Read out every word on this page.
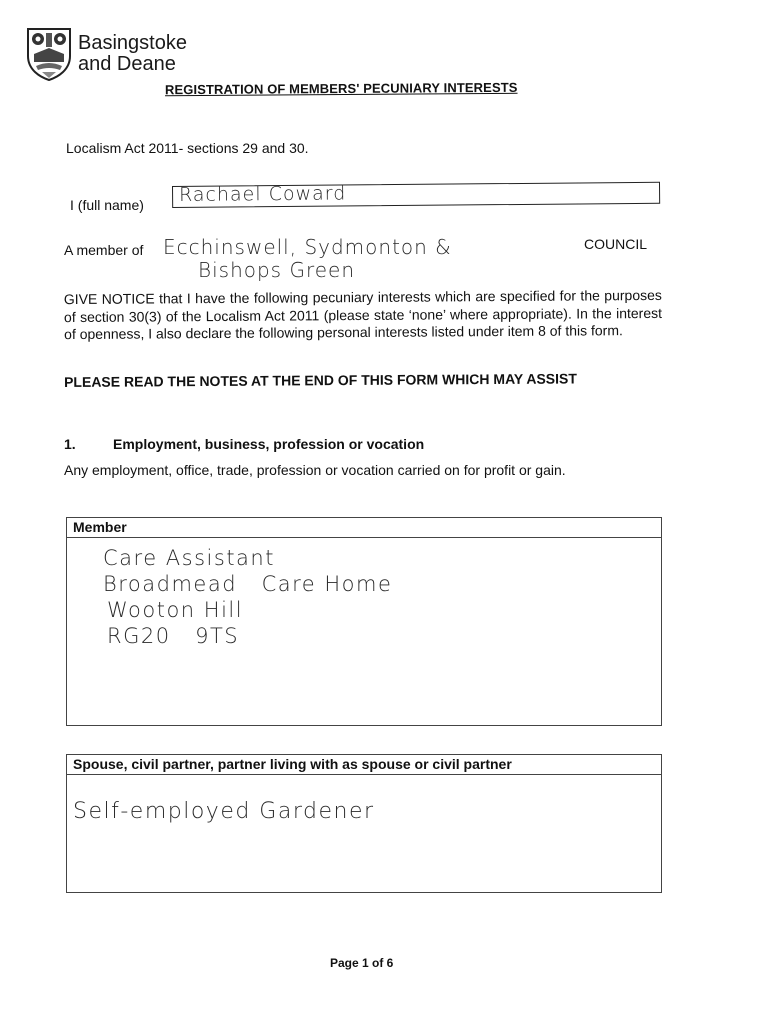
Basingstoke
and Deane
REGISTRATION OF MEMBERS' PECUNIARY INTERESTS
Localism Act 2011- sections 29 and 30.
I (full name) Rachael Coward
A member of Ecchinswell, Sydmonton &
Bishops Green
COUNCIL
GIVE NOTICE that I have the following pecuniary interests which are specified for the purposes of section 30(3) of the Localism Act 2011 (please state ‘none’ where appropriate). In the interest of openness, I also declare the following personal interests listed under item 8 of this form.
PLEASE READ THE NOTES AT THE END OF THIS FORM WHICH MAY ASSIST
1.	Employment, business, profession or vocation
Any employment, office, trade, profession or vocation carried on for profit or gain.
Member
Care Assistant
Broadmead   Care Home
Wooton Hill
RG20   9TS
Spouse, civil partner, partner living with as spouse or civil partner
Self-employed Gardener
Page 1 of 6
